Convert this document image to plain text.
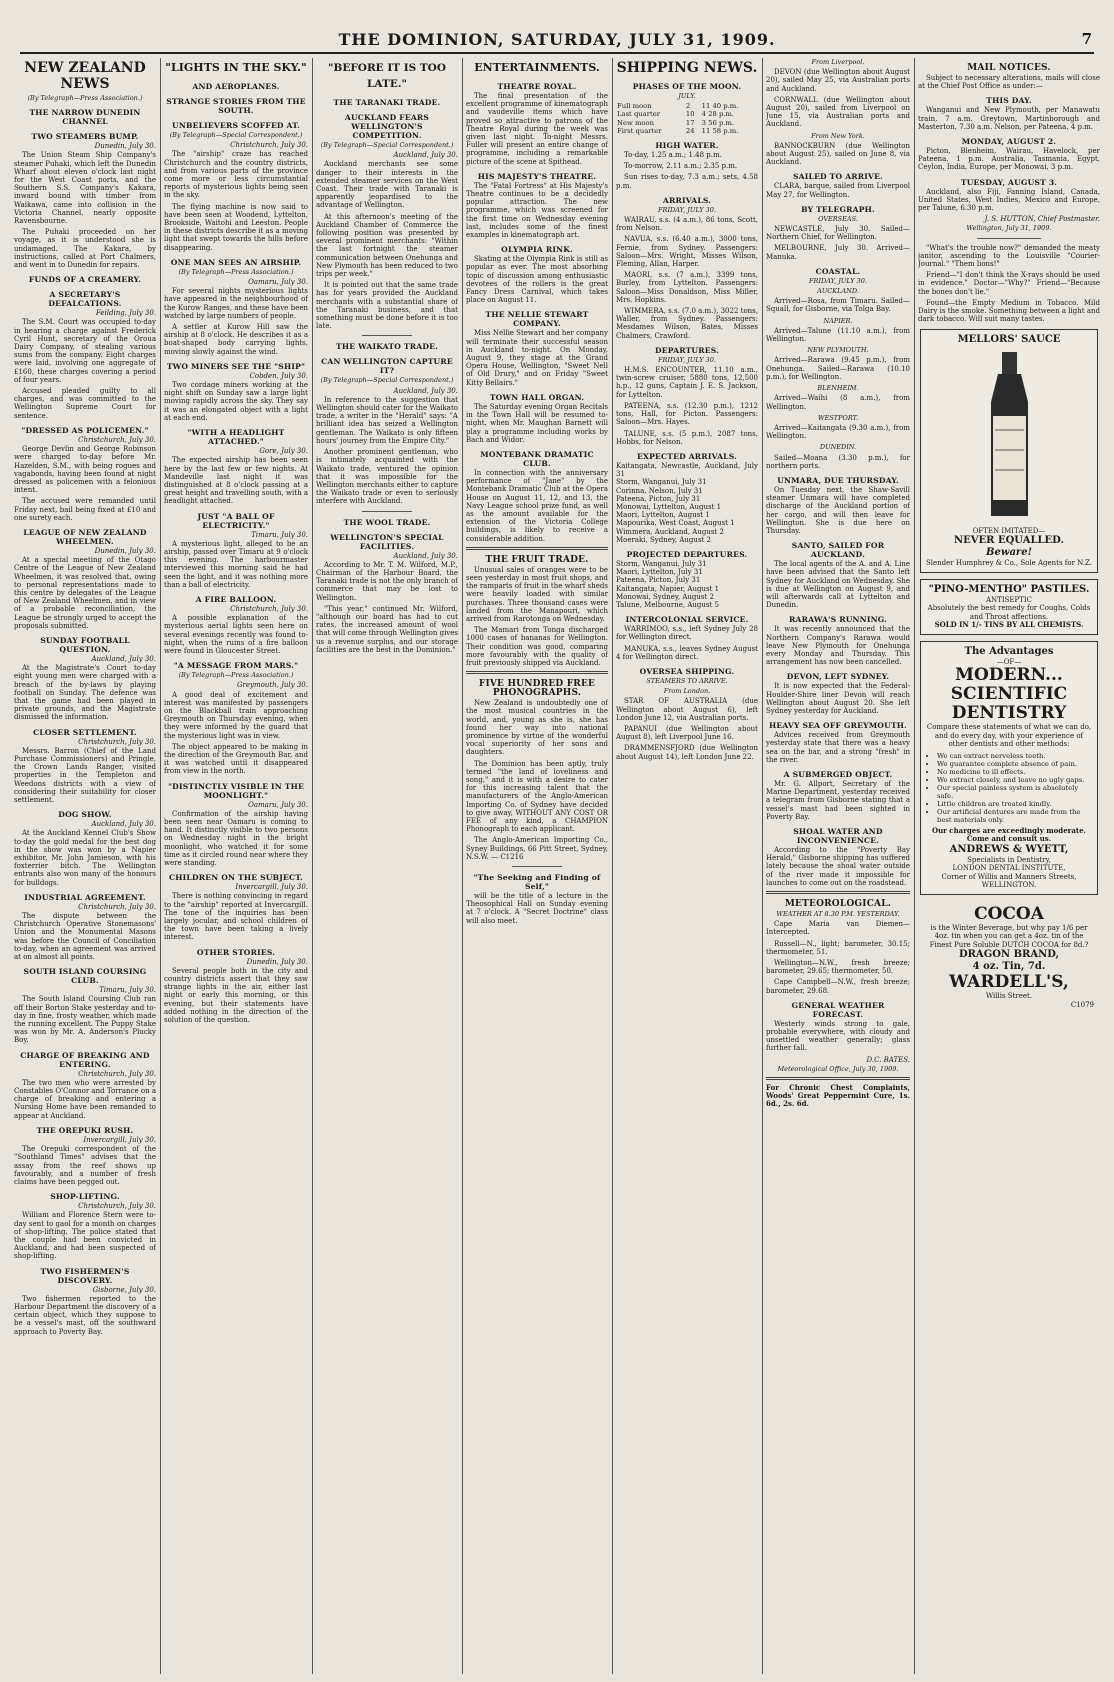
THE DOMINION, SATURDAY, JULY 31, 1909.	7
NEW ZEALAND NEWS
(By Telegraph—Press Association.)
THE NARROW DUNEDIN CHANNEL
TWO STEAMERS BUMP.
Dunedin, July 30.

The Union Steam Ship Company's steamer Puhaki, which left the Dunedin Wharf about eleven o'clock last night for the West Coast ports, and the Southern S.S. Company's Kakara, inward bound with timber from Waikawa, came into collision in the Victoria Channel, nearly opposite Ravensbourne.

The Puhaki proceeded on her voyage, as it is understood she is undamaged. The Kakara, by instructions, called at Port Chalmers, and went in to Dunedin for repairs.

FUNDS OF A CREAMERY.
A SECRETARY'S DEFALCATIONS.
Feilding, July 30.

The S.M. Court was occupied to-day in hearing a charge against Frederick Cyril Hunt, secretary of the Oroua Dairy Company, of stealing various sums from the company. Eight charges were laid, involving one aggregate of £160, these charges covering a period of four years.

Accused pleaded guilty to all charges, and was committed to the Wellington Supreme Court for sentence.

"DRESSED AS POLICEMEN."
Christchurch, July 30.

George Devlin and George Robinson were charged to-day before Mr. Hazelden, S.M., with being rogues and vagabonds, having been found at night dressed as policemen with a felonious intent.

The accused were remanded until Friday next, bail being fixed at £10 and one surety each.

LEAGUE OF NEW ZEALAND WHEELMEN.
Dunedin, July 30.

At a special meeting of the Otago Centre of the League of New Zealand Wheelmen, it was resolved that, owing to personal representations made to this centre by delegates of the League of New Zealand Wheelmen, and in view of a probable reconciliation, the League be strongly urged to accept the proposals submitted.

SUNDAY FOOTBALL QUESTION.
Auckland, July 30.

At the Magistrate's Court to-day eight young men were charged with a breach of the by-laws by playing football on Sunday. The defence was that the game had been played in private grounds, and the Magistrate dismissed the information.

CLOSER SETTLEMENT.
Christchurch, July 30.

Messrs. Barron (Chief of the Land Purchase Commissioners) and Pringle, the Crown Lands Ranger, visited properties in the Templeton and Weedons districts with a view of considering their suitability for closer settlement.

DOG SHOW.
Auckland, July 30.

At the Auckland Kennel Club's Show to-day the gold medal for the best dog in the show was won by a Napier exhibitor, Mr. John Jamieson, with his foxterrier bitch. The Wellington entrants also won many of the honours for bulldogs.

INDUSTRIAL AGREEMENT.
Christchurch, July 30.

The dispute between the Christchurch Operative Stonemasons' Union and the Monumental Masons was before the Council of Conciliation to-day, when an agreement was arrived at on almost all points.

SOUTH ISLAND COURSING CLUB.
Timaru, July 30.

The South Island Coursing Club ran off their Borton Stake yesterday and to-day in fine, frosty weather, which made the running excellent. The Puppy Stake was won by Mr. A. Anderson's Plucky Boy.

CHARGE OF BREAKING AND ENTERING.
Christchurch, July 30.

The two men who were arrested by Constables O'Connor and Torrance on a charge of breaking and entering a Nursing Home have been remanded to appear at Auckland.

THE OREPUKI RUSH.
Invercargill, July 30.

The Orepuki correspondent of the "Southland Times" advises that the assay from the reef shows up favourably, and a number of fresh claims have been pegged out.

SHOP-LIFTING.
Christchurch, July 30.

William and Florence Stern were to-day sent to gaol for a month on charges of shop-lifting. The police stated that the couple had been convicted in Auckland, and had been suspected of shop-lifting.

TWO FISHERMEN'S DISCOVERY.
Gisborne, July 30.

Two fishermen reported to the Harbour Department the discovery of a certain object, which they suppose to be a vessel's mast, off the southward approach to Poverty Bay.

"LIGHTS IN THE SKY."
AND AEROPLANES.
STRANGE STORIES FROM THE SOUTH.
UNBELIEVERS SCOFFED AT.
(By Telegraph—Special Correspondent.)
Christchurch, July 30.

The "airship" craze has reached Christchurch and the country districts, and from various parts of the province come more or less circumstantial reports of mysterious lights being seen in the sky.

The flying machine is now said to have been seen at Woodend, Lyttelton, Brookside, Waitohi and Leeston. People in these districts describe it as a moving light that swept towards the hills before disappearing.

ONE MAN SEES AN AIRSHIP.
(By Telegraph—Press Association.)
Oamaru, July 30.

For several nights mysterious lights have appeared in the neighbourhood of the Kurow Ranges, and these have been watched by large numbers of people.

A settler at Kurow Hill saw the airship at 8 o'clock. He describes it as a boat-shaped body carrying lights, moving slowly against the wind.

TWO MINERS SEE THE "SHIP"
Cobden, July 30.

Two cordage miners working at the night shift on Sunday saw a large light moving rapidly across the sky. They say it was an elongated object with a light at each end.

"WITH A HEADLIGHT ATTACHED."
Gore, July 30.

The expected airship has been seen here by the last few or few nights. At Mandeville last night it was distinguished at 8 o'clock passing at a great height and travelling south, with a headlight attached.

JUST "A BALL OF ELECTRICITY."
Timaru, July 30.

A mysterious light, alleged to be an airship, passed over Timaru at 9 o'clock this evening. The harbourmaster interviewed this morning said he had seen the light, and it was nothing more than a ball of electricity.

A FIRE BALLOON.
Christchurch, July 30.

A possible explanation of the mysterious aerial lights seen here on several evenings recently was found to-night, when the ruins of a fire balloon were found in Gloucester Street.

"A MESSAGE FROM MARS."
(By Telegraph—Press Association.)
Greymouth, July 30.

A good deal of excitement and interest was manifested by passengers on the Blackball train approaching Greymouth on Thursday evening, when they were informed by the guard that the mysterious light was in view.

The object appeared to be making in the direction of the Greymouth Bar, and it was watched until it disappeared from view in the north.

"DISTINCTLY VISIBLE IN THE MOONLIGHT."
Oamaru, July 30.

Confirmation of the airship having been seen near Oamaru is coming to hand. It distinctly visible to two persons on Wednesday night in the bright moonlight, who watched it for some time as it circled round near where they were standing.

CHILDREN ON THE SUBJECT.
Invercargill, July 30.

There is nothing convincing in regard to the "airship" reported at Invercargill. The tone of the inquiries has been largely jocular, and school children of the town have been taking a lively interest.

OTHER STORIES.
Dunedin, July 30.

Several people both in the city and country districts assert that they saw strange lights in the air, either last night or early this morning, or this evening, but their statements have added nothing in the direction of the solution of the question.

"BEFORE IT IS TOO LATE."
THE TARANAKI TRADE.
AUCKLAND FEARS WELLINGTON'S COMPETITION.
(By Telegraph—Special Correspondent.)
Auckland, July 30.

Auckland merchants see some danger to their interests in the extended steamer services on the West Coast. Their trade with Taranaki is apparently jeopardised to the advantage of Wellington.

At this afternoon's meeting of the Auckland Chamber of Commerce the following position was presented by several prominent merchants: "Within the last fortnight the steamer communication between Onehunga and New Plymouth has been reduced to two trips per week."

It is pointed out that the same trade has for years provided the Auckland merchants with a substantial share of the Taranaki business, and that something must be done before it is too late.

THE WAIKATO TRADE.
CAN WELLINGTON CAPTURE IT?
(By Telegraph—Special Correspondent.)
Auckland, July 30.

In reference to the suggestion that Wellington should cater for the Waikato trade, a writer in the "Herald" says: "A brilliant idea has seized a Wellington gentleman. The Waikato is only fifteen hours' journey from the Empire City."

Another prominent gentleman, who is intimately acquainted with the Waikato trade, ventured the opinion that it was impossible for the Wellington merchants either to capture the Waikato trade or even to seriously interfere with Auckland.

THE WOOL TRADE.
WELLINGTON'S SPECIAL FACILITIES.
Auckland, July 30.

According to Mr. T. M. Wilford, M.P., Chairman of the Harbour Board, the Taranaki trade is not the only branch of commerce that may be lost to Wellington.

"This year," continued Mr. Wilford, "although our board has had to cut rates, the increased amount of wool that will come through Wellington gives us a revenue surplus, and our storage facilities are the best in the Dominion."

ENTERTAINMENTS.
THEATRE ROYAL.

The final presentation of the excellent programme of kinematograph and vaudeville items which have proved so attractive to patrons of the Theatre Royal during the week was given last night. To-night Messrs. Fuller will present an entire change of programme, including a remarkable picture of the scene at Spithead.

HIS MAJESTY'S THEATRE.

The "Fatal Fortress" at His Majesty's Theatre continues to be a decidedly popular attraction. The new programme, which was screened for the first time on Wednesday evening last, includes some of the finest examples in kinematograph art.

OLYMPIA RINK.

Skating at the Olympia Rink is still as popular as ever. The most absorbing topic of discussion among enthusiastic devotees of the rollers is the great Fancy Dress Carnival, which takes place on August 11.

THE NELLIE STEWART COMPANY.

Miss Nellie Stewart and her company will terminate their successful season in Auckland to-night. On Monday, August 9, they stage at the Grand Opera House, Wellington, "Sweet Nell of Old Drury," and on Friday "Sweet Kitty Bellairs."

TOWN HALL ORGAN.

The Saturday evening Organ Recitals in the Town Hall will be resumed to-night, when Mr. Maughan Barnett will play a programme including works by Bach and Widor.

MONTEBANK DRAMATIC CLUB.

In connection with the anniversary performance of "Jane" by the Montebank Dramatic Club at the Opera House on August 11, 12, and 13, the Navy League school prize fund, as well as the amount available for the extension of the Victoria College buildings, is likely to receive a considerable addition.

THE FRUIT TRADE.

Unusual sales of oranges were to be seen yesterday in most fruit shops, and the ramparts of fruit in the wharf sheds were heavily loaded with similar purchases. Three thousand cases were landed from the Manapouri, which arrived from Rarotonga on Wednesday.

The Mamari from Tonga discharged 1000 cases of bananas for Wellington. Their condition was good, comparing more favourably with the quality of fruit previously shipped via Auckland.

FIVE HUNDRED FREE PHONOGRAPHS.

New Zealand is undoubtedly one of the most musical countries in the world, and, young as she is, she has found her way into national prominence by virtue of the wonderful vocal superiority of her sons and daughters.

The Dominion has been aptly, truly termed "the land of loveliness and song," and it is with a desire to cater for this increasing talent that the manufacturers of the Anglo-American Importing Co. of Sydney have decided to give away, WITHOUT ANY COST OR FEE of any kind, a CHAMPION Phonograph to each applicant.

The Anglo-American Importing Co., Syney Buildings, 66 Pitt Street, Sydney, N.S.W. — C1216

"The Seeking and Finding of Self,"

will be the title of a lecture in the Theosophical Hall on Sunday evening at 7 o'clock. A "Secret Doctrine" class will also meet.

SHIPPING NEWS.
PHASES OF THE MOON.
JULY.
Full moon	2	11 40 p.m.
Last quarter	10	4 28 p.m.
New moon	17	3 56 p.m.
First quarter	24	11 58 p.m.
HIGH WATER.

To-day, 1.25 a.m.; 1.48 p.m.

To-morrow, 2.11 a.m.; 2.35 p.m.

Sun rises to-day, 7.3 a.m.; sets, 4.58 p.m.

ARRIVALS.
FRIDAY, JULY 30.

WAIRAU, s.s. (4 a.m.), 86 tons, Scott, from Nelson.

NAVUA, s.s. (6.40 a.m.), 3000 tons, Fernie, from Sydney. Passengers: Saloon—Mrs. Wright, Misses Wilson, Fleming, Allan, Harper.

MAORI, s.s. (7 a.m.), 3399 tons, Burley, from Lyttelton. Passengers: Saloon—Miss Donaldson, Miss Miller, Mrs. Hopkins.

WIMMERA, s.s. (7.0 a.m.), 3022 tons, Waller, from Sydney. Passengers: Mesdames Wilson, Bates, Misses Chalmers, Crawford.

DEPARTURES.
FRIDAY, JULY 30.

H.M.S. ENCOUNTER, 11.10 a.m., twin-screw cruiser, 5880 tons, 12,500 h.p., 12 guns, Captain J. E. S. Jackson, for Lyttelton.

PATEENA, s.s. (12.30 p.m.), 1212 tons, Hall, for Picton. Passengers: Saloon—Mrs. Hayes.

TALUNE, s.s. (5 p.m.), 2087 tons, Hobbs, for Nelson.

EXPECTED ARRIVALS.
Kaitangata, Newcastle, Auckland, July 31
Storm, Wanganui, July 31
Corinna, Nelson, July 31
Pateena, Picton, July 31
Monowai, Lyttelton, August 1
Maori, Lyttelton, August 1
Mapourika, West Coast, August 1
Wimmera, Auckland, August 2
Moeraki, Sydney, August 2
PROJECTED DEPARTURES.
Storm, Wanganui, July 31
Maori, Lyttelton, July 31
Pateena, Picton, July 31
Kaitangata, Napier, August 1
Monowai, Sydney, August 2
Talune, Melbourne, August 5
INTERCOLONIAL SERVICE.

WARRIMOO, s.s., left Sydney July 28 for Wellington direct.

MANUKA, s.s., leaves Sydney August 4 for Wellington direct.

OVERSEA SHIPPING.
STEAMERS TO ARRIVE.
From London.

STAR OF AUSTRALIA (due Wellington about August 6), left London June 12, via Australian ports.

PAPANUI (due Wellington about August 8), left Liverpool June 16.

DRAMMENSFJORD (due Wellington about August 14), left London June 22.

From Liverpool.

DEVON (due Wellington about August 20), sailed May 25, via Australian ports and Auckland.

CORNWALL (due Wellington about August 20), sailed from Liverpool on June 15, via Australian ports and Auckland.

From New York.

BANNOCKBURN (due Wellington about August 25), sailed on June 8, via Auckland.

SAILED TO ARRIVE.

CLARA, barque, sailed from Liverpool May 27, for Wellington.

BY TELEGRAPH.
OVERSEAS.

NEWCASTLE, July 30. Sailed—Northern Chief, for Wellington.

MELBOURNE, July 30. Arrived—Manuka.

COASTAL.
FRIDAY, JULY 30.
AUCKLAND.

Arrived—Rosa, from Timaru. Sailed—Squall, for Gisborne, via Tolga Bay.

NAPIER.

Arrived—Talune (11.10 a.m.), from Wellington.

NEW PLYMOUTH.

Arrived—Rarawa (9.45 p.m.), from Onehunga. Sailed—Rarawa (10.10 p.m.), for Wellington.

BLENHEIM.

Arrived—Waihi (8 a.m.), from Wellington.

WESTPORT.

Arrived—Kaitangata (9.30 a.m.), from Wellington.

DUNEDIN.

Sailed—Moana (3.30 p.m.), for northern ports.

UNMARA, DUE THURSDAY.

On Tuesday next, the Shaw-Savill steamer Unmara will have completed discharge of the Auckland portion of her cargo, and will then leave for Wellington. She is due here on Thursday.

SANTO, SAILED FOR AUCKLAND.

The local agents of the A. and A. Line have been advised that the Santo left Sydney for Auckland on Wednesday. She is due at Wellington on August 9, and will afterwards call at Lyttelton and Dunedin.

RARAWA'S RUNNING.

It was recently announced that the Northern Company's Rarawa would leave New Plymouth for Onehunga every Monday and Thursday. This arrangement has now been cancelled.

DEVON, LEFT SYDNEY.

It is now expected that the Federal-Houlder-Shire liner Devon will reach Wellington about August 20. She left Sydney yesterday for Auckland.

HEAVY SEA OFF GREYMOUTH.

Advices received from Greymouth yesterday state that there was a heavy sea on the bar, and a strong "fresh" in the river.

A SUBMERGED OBJECT.

Mr. G. Allport, Secretary of the Marine Department, yesterday received a telegram from Gisborne stating that a vessel's mast had been sighted in Poverty Bay.

SHOAL WATER AND INCONVENIENCE.

According to the "Poverty Bay Herald," Gisborne shipping has suffered lately because the shoal water outside of the river made it impossible for launches to come out on the roadstead.

METEOROLOGICAL.
WEATHER AT 8.30 P.M. YESTERDAY.

Cape Maria van Diemen—Intercepted.

Russell—N., light; barometer, 30.15; thermometer, 51.

Wellington—N.W., fresh breeze; barometer, 29.65; thermometer, 50.

Cape Campbell—N.W., fresh breeze; barometer, 29.68.

GENERAL WEATHER FORECAST.

Westerly winds strong to gale, probable everywhere, with cloudy and unsettled weather generally; glass further fall.

D.C. BATES.
Meteorological Office, July 30, 1909.

For Chronic Chest Complaints, Woods' Great Peppermint Cure, 1s. 6d., 2s. 6d.

MAIL NOTICES.

Subject to necessary alterations, mails will close at the Chief Post Office as under:—

THIS DAY.

Wanganui and New Plymouth, per Manawatu train, 7 a.m. Greytown, Martinborough and Masterton, 7.30 a.m. Nelson, per Pateena, 4 p.m.

MONDAY, AUGUST 2.

Picton, Blenheim, Wairau, Havelock, per Pateena, 1 p.m. Australia, Tasmania, Egypt, Ceylon, India, Europe, per Monowai, 3 p.m.

TUESDAY, AUGUST 3.

Auckland, also Fiji, Fanning Island, Canada, United States, West Indies, Mexico and Europe, per Talune, 6.30 p.m.

J. S. HUTTON, Chief Postmaster.
Wellington, July 31, 1909.

"What's the trouble now?" demanded the meaty janitor, ascending to the Louisville "Courier-Journal." "Them lions!"

Friend—"I don't think the X-rays should be used in evidence." Doctor—"Why?" Friend—"Because the bones don't lie."

Found—the Empty Medium in Tobacco. Mild Dairy is the smoke. Something between a light and dark tobacco. Will suit many tastes.

MELLORS' SAUCE
OFTEN IMITATED—
NEVER EQUALLED.
Beware!
Slender Humphrey & Co., Sole Agents for N.Z.
"PINO-MENTHO" PASTILES.
ANTISEPTIC
Absolutely the best remedy for Coughs, Colds and Throat affections.
SOLD IN 1/- TINS BY ALL CHEMISTS.
The Advantages
—OF—
MODERN...
SCIENTIFIC
DENTISTRY
Compare these statements of what we can do, and do every day, with your experience of other dentists and other methods:
• We can extract nerveless teeth.
• We guarantee complete absence of pain.
• No medicine to ill effects.
• We extract closely, and leave no ugly gaps.
• Our special painless system is absolutely safe.
• Little children are treated kindly.
• Our artificial dentures are made from the best materials only.
Our charges are exceedingly moderate. Come and consult us.
ANDREWS & WYETT,
Specialists in Dentistry,
LONDON DENTAL INSTITUTE,
Corner of Willis and Manners Streets, WELLINGTON.
COCOA
is the Winter Beverage, but why pay 1/6 per 4oz. tin when you can get a 4oz. tin of the Finest Pure Soluble DUTCH COCOA for 8d.?
DRAGON BRAND,
4 oz. Tin, 7d.
WARDELL'S,
Willis Street.
C1079
